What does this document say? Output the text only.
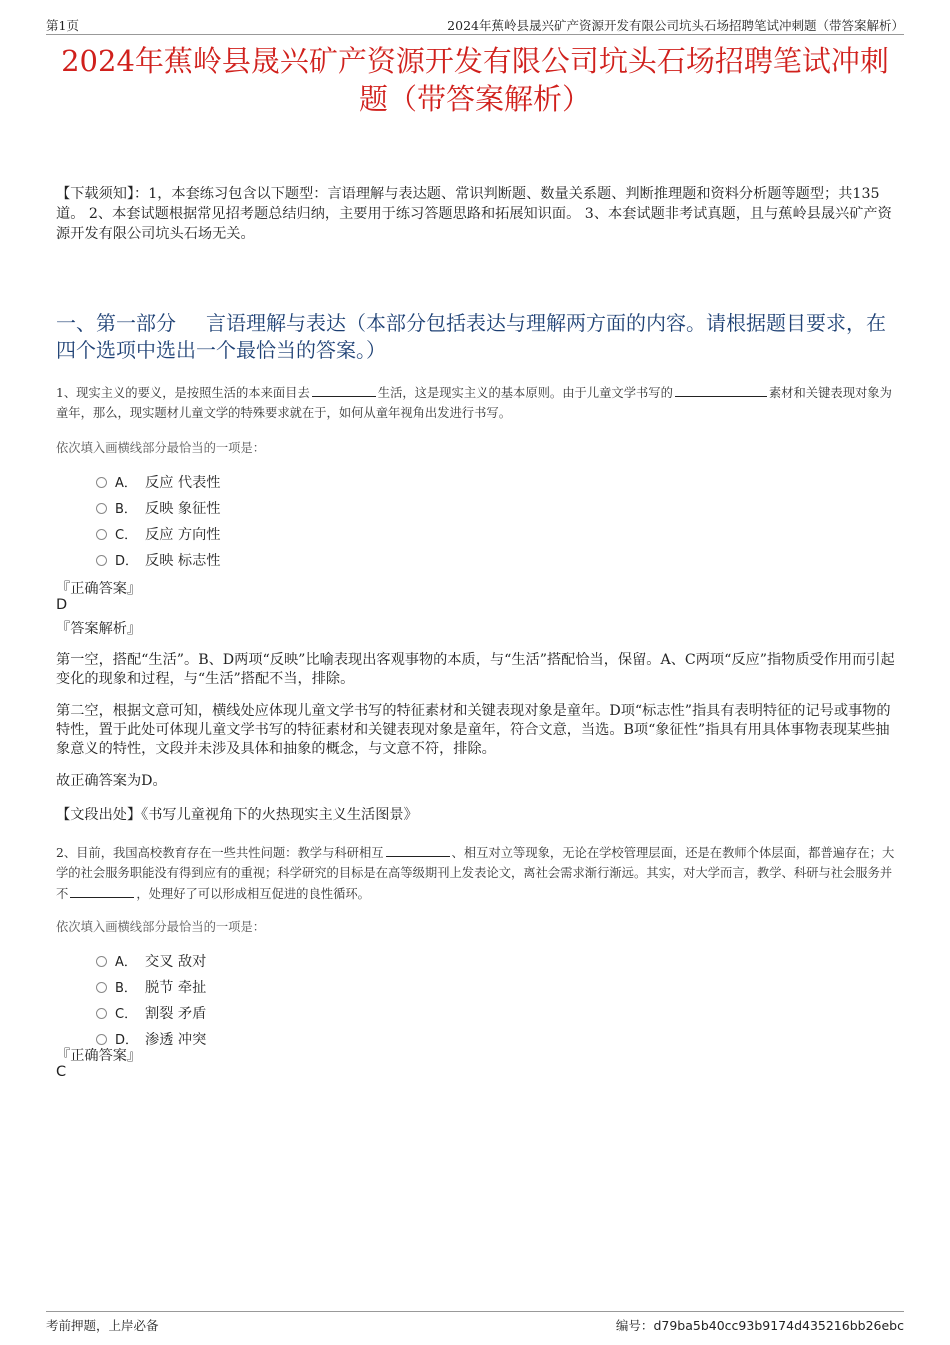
第1页	2024年蕉岭县晟兴矿产资源开发有限公司坑头石场招聘笔试冲刺题（带答案解析）
2024年蕉岭县晟兴矿产资源开发有限公司坑头石场招聘笔试冲刺题（带答案解析）
【下载须知】：1，本套练习包含以下题型：言语理解与表达题、常识判断题、数量关系题、判断推理题和资料分析题等题型；共135道。 2、本套试题根据常见招考题总结归纳，主要用于练习答题思路和拓展知识面。 3、本套试题非考试真题，且与蕉岭县晟兴矿产资源开发有限公司坑头石场无关。
一、第一部分 言语理解与表达（本部分包括表达与理解两方面的内容。请根据题目要求，在四个选项中选出一个最恰当的答案。）
1、现实主义的要义，是按照生活的本来面目去	生活，这是现实主义的基本原则。由于儿童文学书写的	素材和关键表现对象为童年，那么，现实题材儿童文学的特殊要求就在于，如何从童年视角出发进行书写。
依次填入画横线部分最恰当的一项是：
A． 反应 代表性
B． 反映 象征性
C． 反应 方向性
D． 反映 标志性
『正确答案』
D
『答案解析』
第一空，搭配“生活”。B、D两项“反映”比喻表现出客观事物的本质，与“生活”搭配恰当，保留。A、C两项“反应”指物质受作用而引起变化的现象和过程，与“生活”搭配不当，排除。
第二空，根据文意可知，横线处应体现儿童文学书写的特征素材和关键表现对象是童年。D项“标志性”指具有表明特征的记号或事物的特性，置于此处可体现儿童文学书写的特征素材和关键表现对象是童年，符合文意，当选。B项“象征性”指具有用具体事物表现某些抽象意义的特性，文段并未涉及具体和抽象的概念，与文意不符，排除。
故正确答案为D。
【文段出处】《书写儿童视角下的火热现实主义生活图景》
2、目前，我国高校教育存在一些共性问题：教学与科研相互	、相互对立等现象，无论在学校管理层面，还是在教师个体层面，都普遍存在；大学的社会服务职能没有得到应有的重视；科学研究的目标是在高等级期刊上发表论文，离社会需求渐行渐远。其实，对大学而言，教学、科研与社会服务并不	，处理好了可以形成相互促进的良性循环。
依次填入画横线部分最恰当的一项是：
A． 交叉 敌对
B． 脱节 牵扯
C． 割裂 矛盾
D． 渗透 冲突
『正确答案』
C
考前押题，上岸必备	编号：d79ba5b40cc93b9174d435216bb26ebc
